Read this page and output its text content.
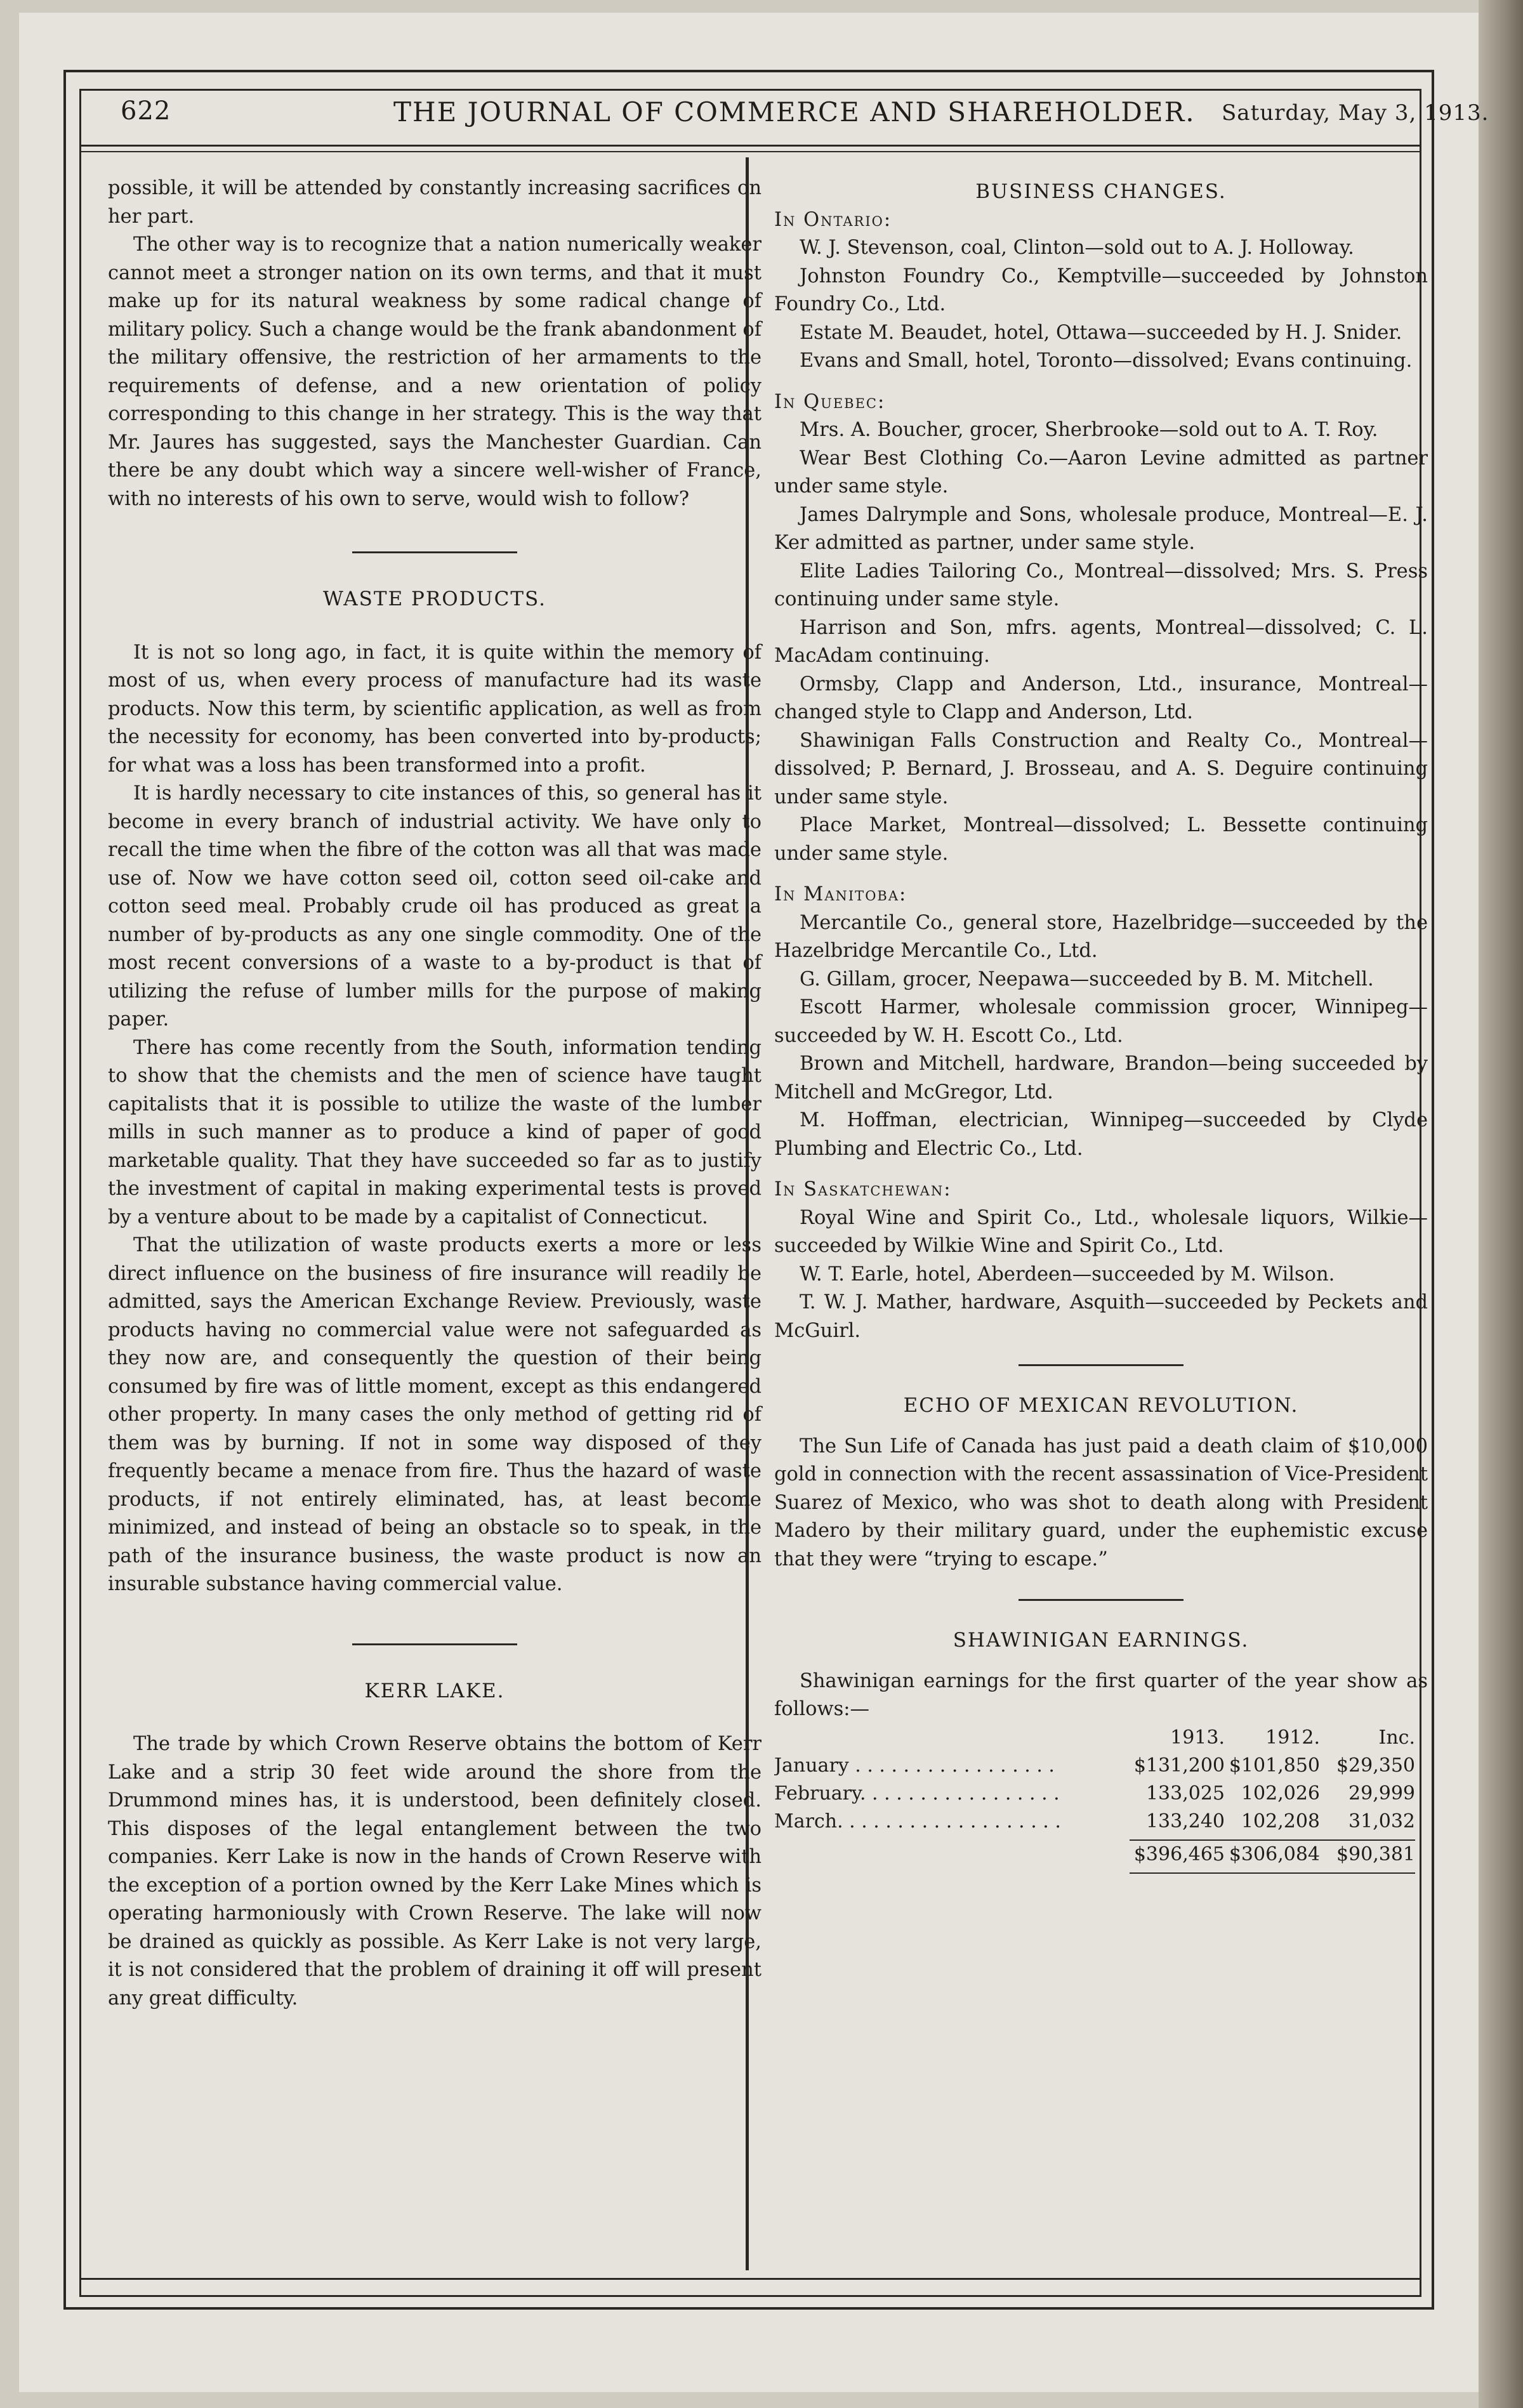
622	THE JOURNAL OF COMMERCE AND SHAREHOLDER. Saturday, May 3, 1913.

possible, it will be attended by constantly increasing sacrifices on her part.

The other way is to recognize that a nation numerically weaker cannot meet a stronger nation on its own terms, and that it must make up for its natural weakness by some radical change of military policy. Such a change would be the frank abandonment of the military offensive, the restriction of her armaments to the requirements of defense, and a new orientation of policy corresponding to this change in her strategy. This is the way that Mr. Jaures has suggested, says the Manchester Guardian. Can there be any doubt which way a sincere well-wisher of France, with no interests of his own to serve, would wish to follow?

WASTE PRODUCTS.

It is not so long ago, in fact, it is quite within the memory of most of us, when every process of manufacture had its waste products. Now this term, by scientific application, as well as from the necessity for economy, has been converted into by-products; for what was a loss has been transformed into a profit.

It is hardly necessary to cite instances of this, so general has it become in every branch of industrial activity. We have only to recall the time when the fibre of the cotton was all that was made use of. Now we have cotton seed oil, cotton seed oil-cake and cotton seed meal. Probably crude oil has produced as great a number of by-products as any one single commodity. One of the most recent conversions of a waste to a by-product is that of utilizing the refuse of lumber mills for the purpose of making paper.

There has come recently from the South, information tending to show that the chemists and the men of science have taught capitalists that it is possible to utilize the waste of the lumber mills in such manner as to produce a kind of paper of good marketable quality. That they have succeeded so far as to justify the investment of capital in making experimental tests is proved by a venture about to be made by a capitalist of Connecticut.

That the utilization of waste products exerts a more or less direct influence on the business of fire insurance will readily be admitted, says the American Exchange Review. Previously, waste products having no commercial value were not safeguarded as they now are, and consequently the question of their being consumed by fire was of little moment, except as this endangered other property. In many cases the only method of getting rid of them was by burning. If not in some way disposed of they frequently became a menace from fire. Thus the hazard of waste products, if not entirely eliminated, has, at least become minimized, and instead of being an obstacle so to speak, in the path of the insurance business, the waste product is now an insurable substance having commercial value.

KERR LAKE.

The trade by which Crown Reserve obtains the bottom of Kerr Lake and a strip 30 feet wide around the shore from the Drummond mines has, it is understood, been definitely closed. This disposes of the legal entanglement between the two companies. Kerr Lake is now in the hands of Crown Reserve with the exception of a portion owned by the Kerr Lake Mines which is operating harmoniously with Crown Reserve. The lake will now be drained as quickly as possible. As Kerr Lake is not very large, it is not considered that the problem of draining it off will present any great difficulty.

BUSINESS CHANGES.
In Ontario:

W. J. Stevenson, coal, Clinton—sold out to A. J. Holloway.

Johnston Foundry Co., Kemptville—succeeded by Johnston Foundry Co., Ltd.

Estate M. Beaudet, hotel, Ottawa—succeeded by H. J. Snider.

Evans and Small, hotel, Toronto—dissolved; Evans continuing.

In Quebec:

Mrs. A. Boucher, grocer, Sherbrooke—sold out to A. T. Roy.

Wear Best Clothing Co.—Aaron Levine admitted as partner under same style.

James Dalrymple and Sons, wholesale produce, Montreal—E. J. Ker admitted as partner, under same style.

Elite Ladies Tailoring Co., Montreal—dissolved; Mrs. S. Press continuing under same style.

Harrison and Son, mfrs. agents, Montreal—dissolved; C. L. MacAdam continuing.

Ormsby, Clapp and Anderson, Ltd., insurance, Montreal—changed style to Clapp and Anderson, Ltd.

Shawinigan Falls Construction and Realty Co., Montreal—dissolved; P. Bernard, J. Brosseau, and A. S. Deguire continuing under same style.

Place Market, Montreal—dissolved; L. Bessette continuing under same style.

In Manitoba:

Mercantile Co., general store, Hazelbridge—succeeded by the Hazelbridge Mercantile Co., Ltd.

G. Gillam, grocer, Neepawa—succeeded by B. M. Mitchell.

Escott Harmer, wholesale commission grocer, Winnipeg—succeeded by W. H. Escott Co., Ltd.

Brown and Mitchell, hardware, Brandon—being succeeded by Mitchell and McGregor, Ltd.

M. Hoffman, electrician, Winnipeg—succeeded by Clyde Plumbing and Electric Co., Ltd.

In Saskatchewan:

Royal Wine and Spirit Co., Ltd., wholesale liquors, Wilkie—succeeded by Wilkie Wine and Spirit Co., Ltd.

W. T. Earle, hotel, Aberdeen—succeeded by M. Wilson.

T. W. J. Mather, hardware, Asquith—succeeded by Peckets and McGuirl.

ECHO OF MEXICAN REVOLUTION.

The Sun Life of Canada has just paid a death claim of $10,000 gold in connection with the recent assassination of Vice-President Suarez of Mexico, who was shot to death along with President Madero by their military guard, under the euphemistic excuse that they were “trying to escape.”

SHAWINIGAN EARNINGS.

Shawinigan earnings for the first quarter of the year show as follows:—

1913.	1912.	Inc.
January . . . . . . . . . . . . . . . . .	$131,200 $101,850 $29,350
February. . . . . . . . . . . . . . . . .	133,025 102,026	29,999
March. . . . . . . . . . . . . . . . . . .	133,240 102,208	31,032
$396,465 $306,084 $90,381
